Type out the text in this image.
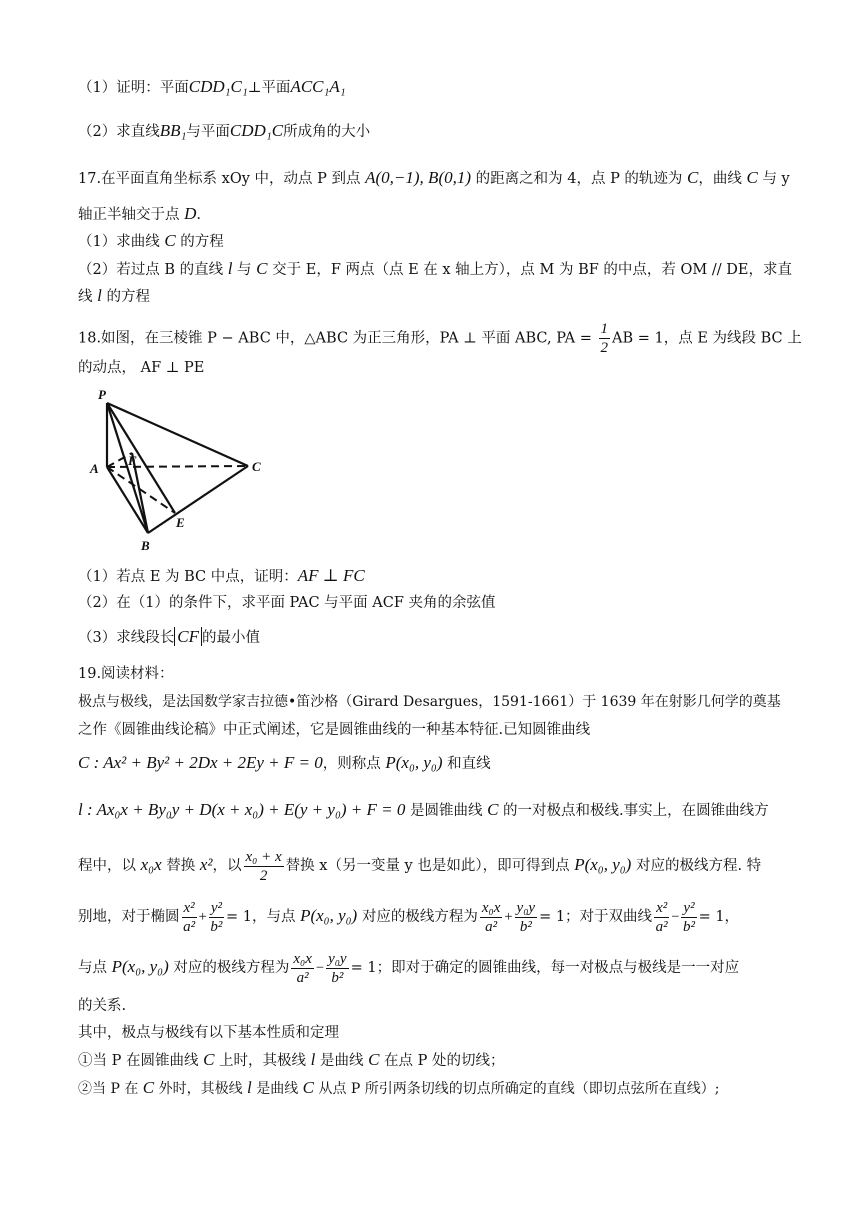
（1）证明：平面CDD₁C₁⊥平面ACC₁A₁
（2）求直线BB₁与平面CDD₁C所成角的大小
17.在平面直角坐标系 xOy 中，动点 P 到点 A(0,−1), B(0,1) 的距离之和为 4，点 P 的轨迹为 C，曲线 C 与 y
轴正半轴交于点 D.
（1）求曲线 C 的方程
（2）若过点 B 的直线 l 与 C 交于 E，F 两点（点 E 在 x 轴上方），点 M 为 BF 的中点，若 OM // DE，求直
线 l 的方程
18.如图，在三棱锥 P − ABC 中，△ABC 为正三角形，PA ⊥ 平面 ABC, PA = $\frac{1}{2}$ AB = 1，点 E 为线段 BC 上
的动点， AF ⊥ PE
P
A
B
C
E
F
（1）若点 E 为 BC 中点，证明：AF ⊥ FC
（2）在（1）的条件下，求平面 PAC 与平面 ACF 夹角的余弦值
（3）求线段长 CF 的最小值
19.阅读材料：
极点与极线，是法国数学家吉拉德•笛沙格（Girard Desargues，1591-1661）于 1639 年在射影几何学的奠基
之作《圆锥曲线论稿》中正式阐述，它是圆锥曲线的一种基本特征.已知圆锥曲线
C : Ax² + By² + 2Dx + 2Ey + F = 0，则称点 P(x₀, y₀) 和直线
l : Ax₀x + By₀y + D(x + x₀) + E(y + y₀) + F = 0 是圆锥曲线 C 的一对极点和极线.事实上，在圆锥曲线方
程中，以 x₀x 替换 x²，以 $\frac{\text{x₀ + x}}{2}$ 替换 x（另一变量 y 也是如此），即可得到点 P(x₀, y₀) 对应的极线方程. 特
别地，对于椭圆 $\frac{\text{x²}}{\text{a²}} + \frac{\text{y²}}{\text{b²}} = 1$，与点 P(x₀, y₀) 对应的极线方程为 $\frac{\text{x₀x}}{\text{a²}} + \frac{\text{y₀y}}{\text{b²}} = 1$；对于双曲线 $\frac{\text{x²}}{\text{a²}} - \frac{\text{y²}}{\text{b²}} = 1$，
与点 P(x₀, y₀) 对应的极线方程为 $\frac{\text{x₀x}}{\text{a²}} - \frac{\text{y₀y}}{\text{b²}} = 1$；即对于确定的圆锥曲线，每一对极点与极线是一一对应
的关系.
其中，极点与极线有以下基本性质和定理
①当 P 在圆锥曲线 C 上时，其极线 l 是曲线 C 在点 P 处的切线；
②当 P 在 C 外时，其极线 l 是曲线 C 从点 P 所引两条切线的切点所确定的直线（即切点弦所在直线）;
